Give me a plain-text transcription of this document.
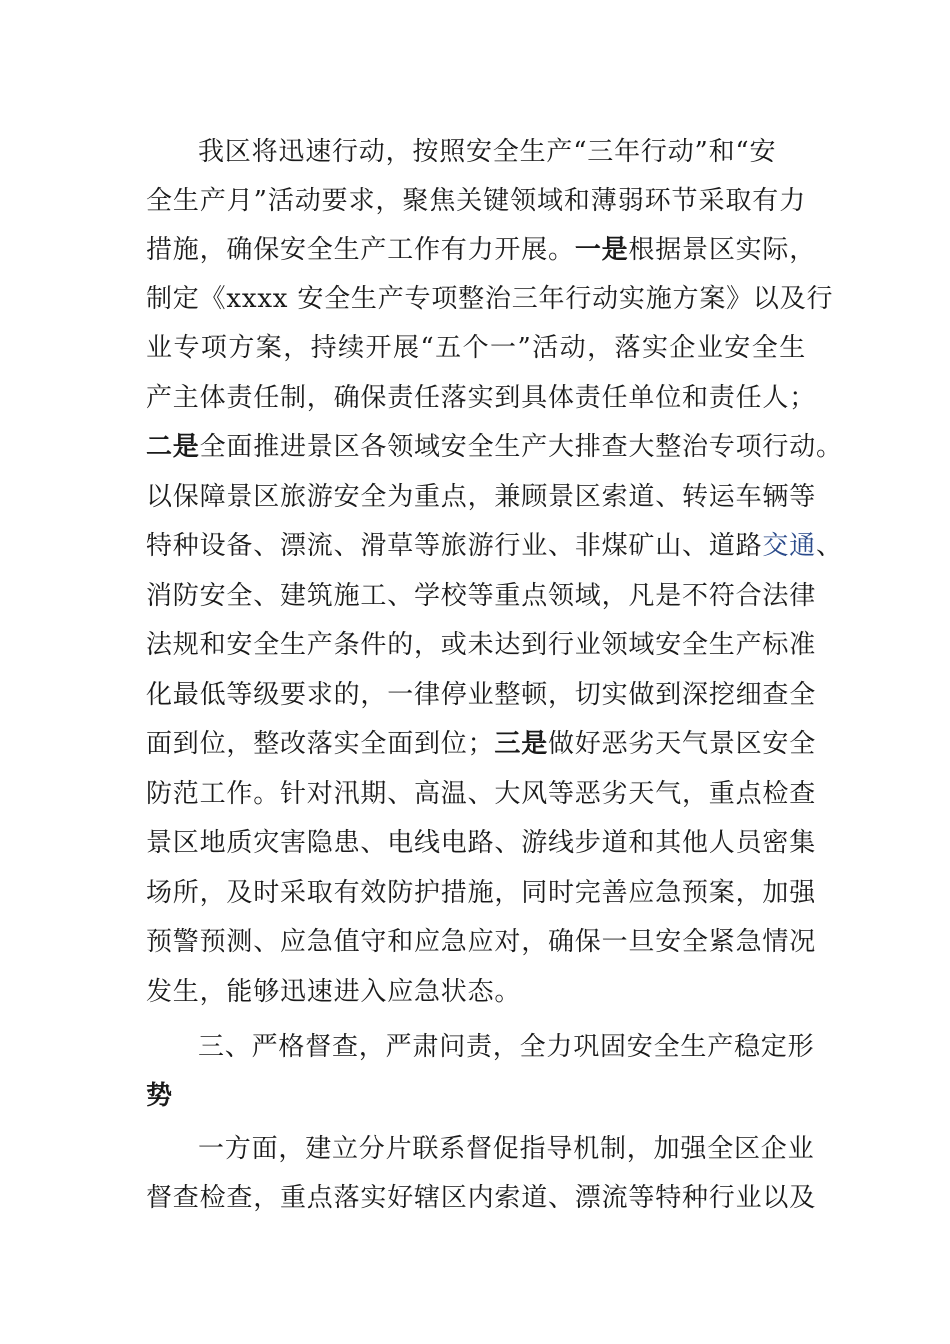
我区将迅速行动，按照安全生产“三年行动”和“安
全生产月”活动要求，聚焦关键领域和薄弱环节采取有力
措施，确保安全生产工作有力开展。一是根据景区实际，
制定《xxxx 安全生产专项整治三年行动实施方案》以及行
业专项方案，持续开展“五个一”活动，落实企业安全生
产主体责任制，确保责任落实到具体责任单位和责任人；
二是全面推进景区各领域安全生产大排查大整治专项行动。
以保障景区旅游安全为重点，兼顾景区索道、转运车辆等
特种设备、漂流、滑草等旅游行业、非煤矿山、道路交通、
消防安全、建筑施工、学校等重点领域，凡是不符合法律
法规和安全生产条件的，或未达到行业领域安全生产标准
化最低等级要求的，一律停业整顿，切实做到深挖细查全
面到位，整改落实全面到位；三是做好恶劣天气景区安全
防范工作。针对汛期、高温、大风等恶劣天气，重点检查
景区地质灾害隐患、电线电路、游线步道和其他人员密集
场所，及时采取有效防护措施，同时完善应急预案，加强
预警预测、应急值守和应急应对，确保一旦安全紧急情况
发生，能够迅速进入应急状态。
三、严格督查，严肃问责，全力巩固安全生产稳定形
势
一方面，建立分片联系督促指导机制，加强全区企业
督查检查，重点落实好辖区内索道、漂流等特种行业以及
